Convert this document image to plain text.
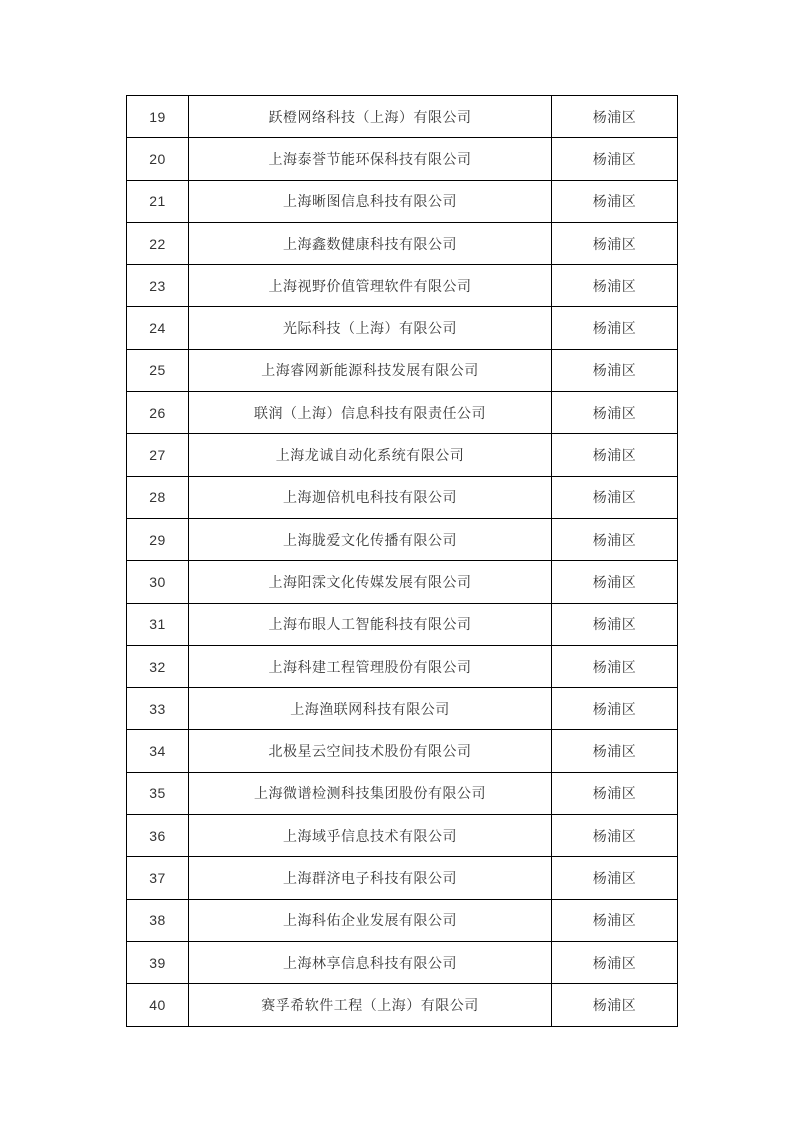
19	跃橙网络科技（上海）有限公司	杨浦区
20	上海泰誉节能环保科技有限公司	杨浦区
21	上海晰图信息科技有限公司	杨浦区
22	上海鑫数健康科技有限公司	杨浦区
23	上海视野价值管理软件有限公司	杨浦区
24	光际科技（上海）有限公司	杨浦区
25	上海睿网新能源科技发展有限公司	杨浦区
26	联润（上海）信息科技有限责任公司	杨浦区
27	上海龙诚自动化系统有限公司	杨浦区
28	上海迦倍机电科技有限公司	杨浦区
29	上海胧爱文化传播有限公司	杨浦区
30	上海阳霂文化传媒发展有限公司	杨浦区
31	上海布眼人工智能科技有限公司	杨浦区
32	上海科建工程管理股份有限公司	杨浦区
33	上海渔联网科技有限公司	杨浦区
34	北极星云空间技术股份有限公司	杨浦区
35	上海微谱检测科技集团股份有限公司	杨浦区
36	上海域乎信息技术有限公司	杨浦区
37	上海群济电子科技有限公司	杨浦区
38	上海科佑企业发展有限公司	杨浦区
39	上海林享信息科技有限公司	杨浦区
40	赛孚希软件工程（上海）有限公司	杨浦区
